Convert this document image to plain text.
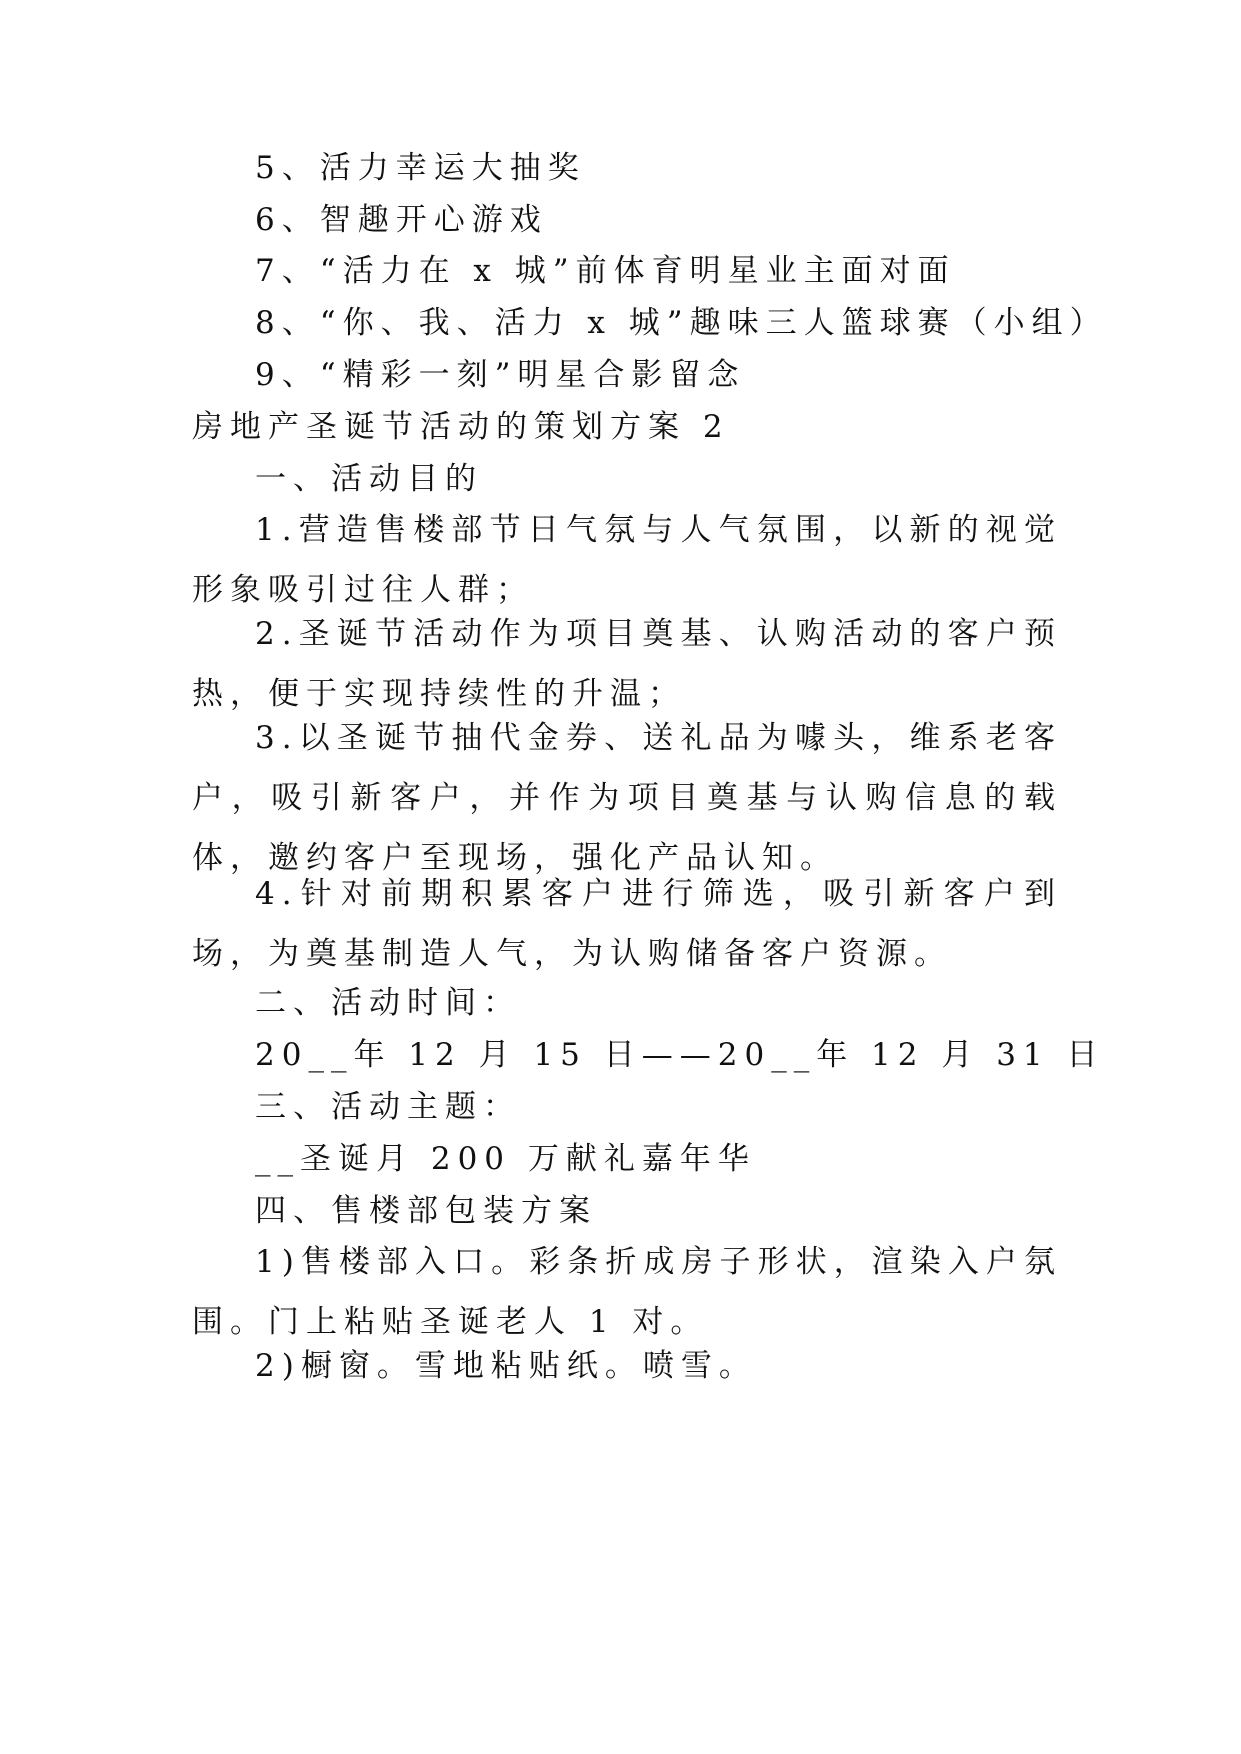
5、活力幸运大抽奖
6、智趣开心游戏
7、“活力在 x 城”前体育明星业主面对面
8、“你、我、活力 x 城”趣味三人篮球赛（小组）
9、“精彩一刻”明星合影留念
房地产圣诞节活动的策划方案 2
一、活动目的

1.营造售楼部节日气氛与人气氛围，以新的视觉形象吸引过往人群；

2.圣诞节活动作为项目奠基、认购活动的客户预热，便于实现持续性的升温；

3.以圣诞节抽代金券、送礼品为噱头，维系老客户，吸引新客户，并作为项目奠基与认购信息的载体，邀约客户至现场，强化产品认知。

4.针对前期积累客户进行筛选，吸引新客户到场，为奠基制造人气，为认购储备客户资源。

二、活动时间：
20__年 12 月 15 日——20__年 12 月 31 日
三、活动主题：
__圣诞月 200 万献礼嘉年华
四、售楼部包装方案

1)售楼部入口。彩条折成房子形状，渲染入户氛围。门上粘贴圣诞老人 1 对。

2)橱窗。雪地粘贴纸。喷雪。
